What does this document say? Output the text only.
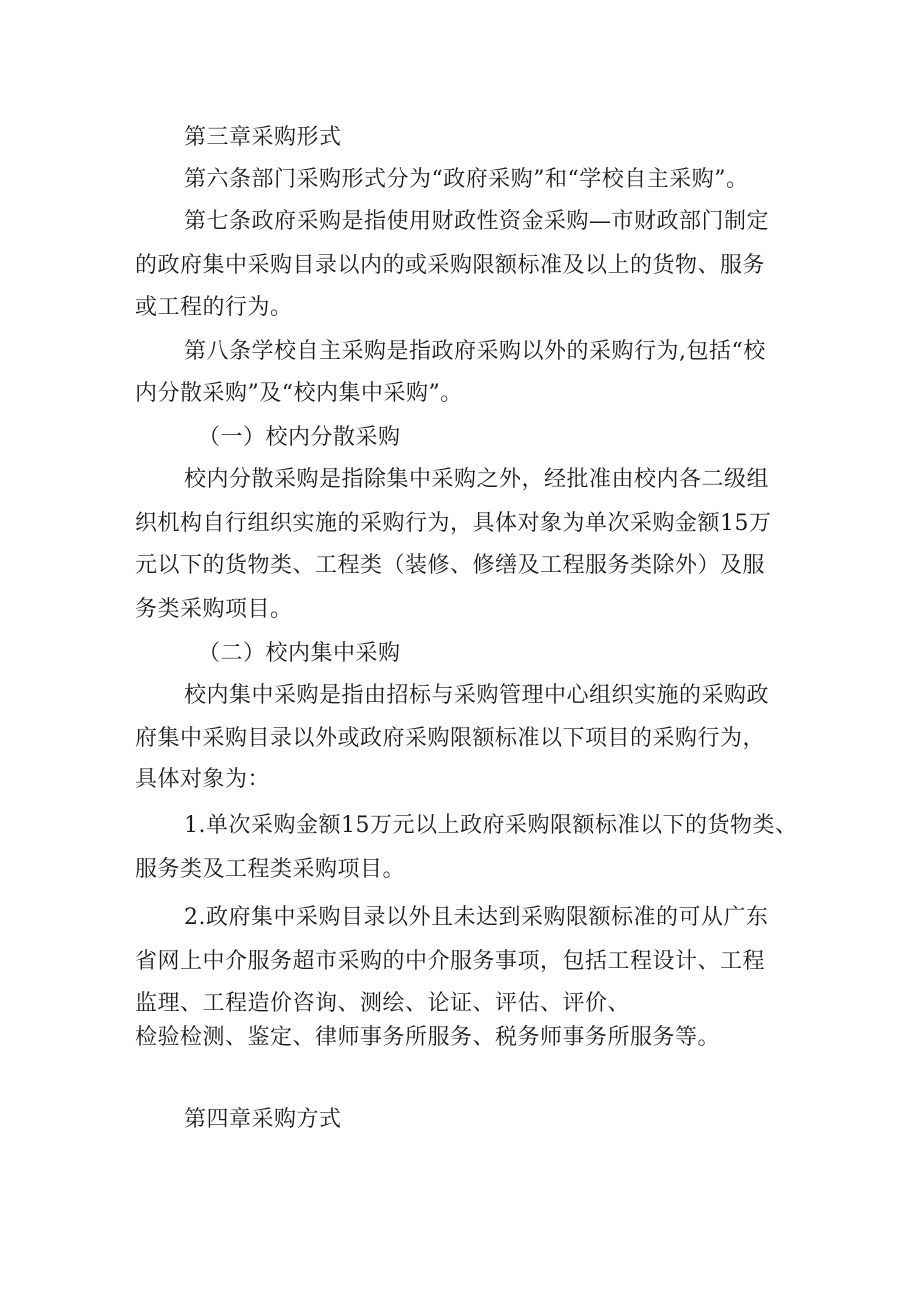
第三章采购形式
第六条部门采购形式分为“政府采购”和“学校自主采购”。
第七条政府采购是指使用财政性资金采购—市财政部门制定
的政府集中采购目录以内的或采购限额标准及以上的货物、服务
或工程的行为。
第八条学校自主采购是指政府采购以外的采购行为,包括“校
内分散采购”及“校内集中采购”。
（一）校内分散采购
校内分散采购是指除集中采购之外，经批准由校内各二级组
织机构自行组织实施的采购行为，具体对象为单次采购金额15万
元以下的货物类、工程类（装修、修缮及工程服务类除外）及服
务类采购项目。
（二）校内集中采购
校内集中采购是指由招标与采购管理中心组织实施的采购政
府集中采购目录以外或政府采购限额标准以下项目的采购行为，
具体对象为：
1.单次采购金额15万元以上政府采购限额标准以下的货物类、
服务类及工程类采购项目。
2.政府集中采购目录以外且未达到采购限额标准的可从广东
省网上中介服务超市采购的中介服务事项，包括工程设计、工程
监理、工程造价咨询、测绘、论证、评估、评价、
检验检测、鉴定、律师事务所服务、税务师事务所服务等。
第四章采购方式
